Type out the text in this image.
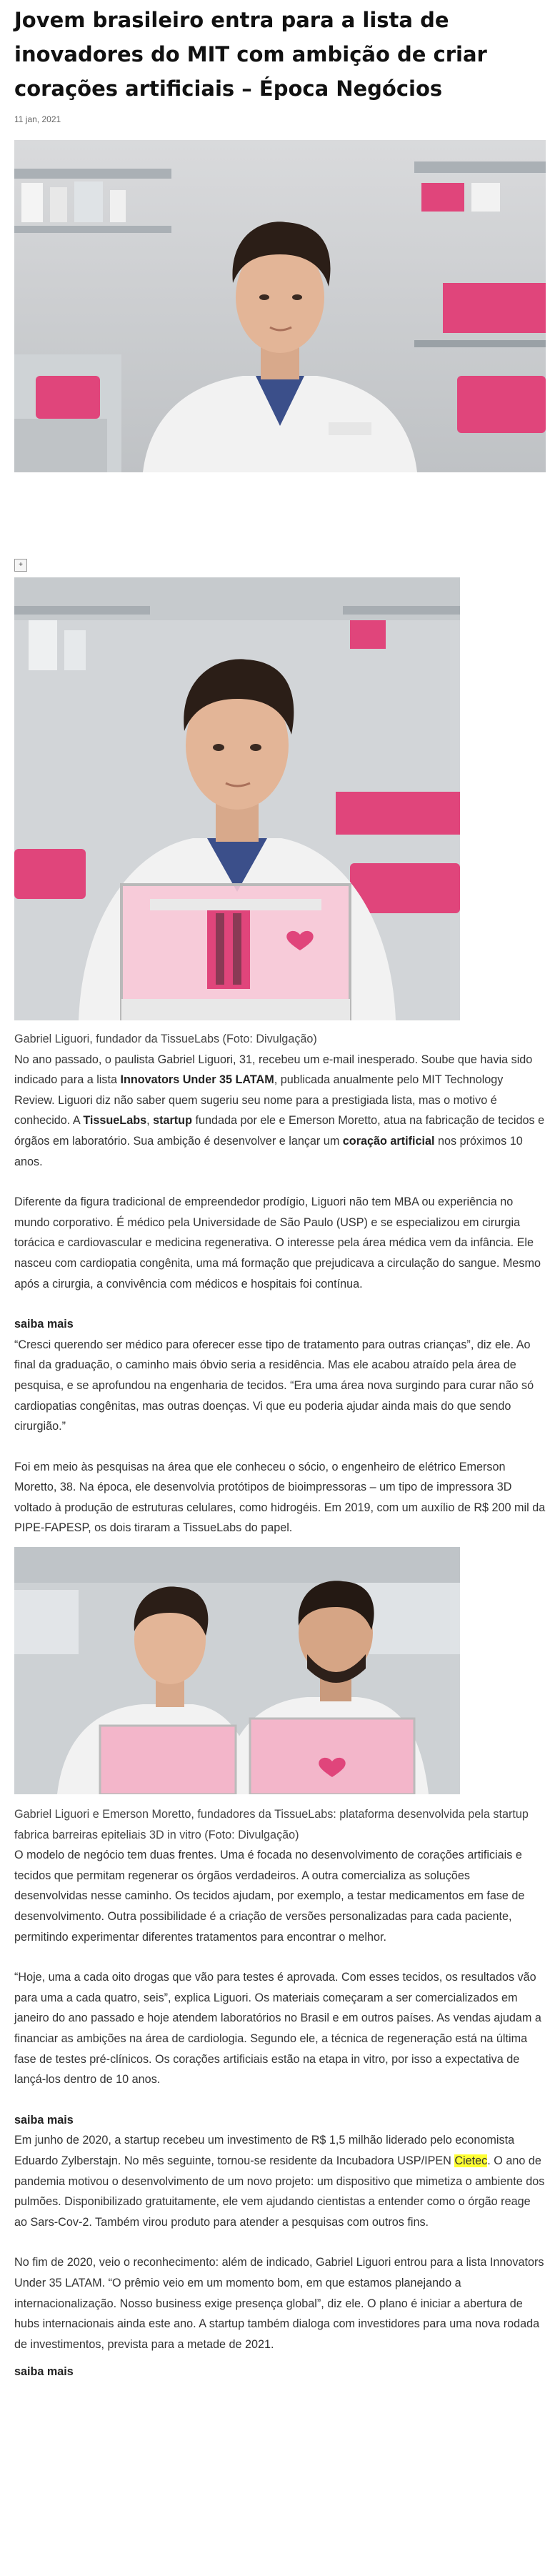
Jovem brasileiro entra para a lista de inovadores do MIT com ambição de criar corações artificiais – Época Negócios
11 jan, 2021
+

Gabriel Liguori, fundador da TissueLabs (Foto: Divulgação)

No ano passado, o paulista Gabriel Liguori, 31, recebeu um e-mail inesperado. Soube que havia sido indicado para a lista Innovators Under 35 LATAM, publicada anualmente pelo MIT Technology Review. Liguori diz não saber quem sugeriu seu nome para a prestigiada lista, mas o motivo é conhecido. A TissueLabs, startup fundada por ele e Emerson Moretto, atua na fabricação de tecidos e órgãos em laboratório. Sua ambição é desenvolver e lançar um coração artificial nos próximos 10 anos.

Diferente da figura tradicional de empreendedor prodígio, Liguori não tem MBA ou experiência no mundo corporativo. É médico pela Universidade de São Paulo (USP) e se especializou em cirurgia torácica e cardiovascular e medicina regenerativa. O interesse pela área médica vem da infância. Ele nasceu com cardiopatia congênita, uma má formação que prejudicava a circulação do sangue. Mesmo após a cirurgia, a convivência com médicos e hospitais foi contínua.

saiba mais

“Cresci querendo ser médico para oferecer esse tipo de tratamento para outras crianças”, diz ele. Ao final da graduação, o caminho mais óbvio seria a residência. Mas ele acabou atraído pela área de pesquisa, e se aprofundou na engenharia de tecidos. “Era uma área nova surgindo para curar não só cardiopatias congênitas, mas outras doenças. Vi que eu poderia ajudar ainda mais do que sendo cirurgião.”

Foi em meio às pesquisas na área que ele conheceu o sócio, o engenheiro de elétrico Emerson Moretto, 38. Na época, ele desenvolvia protótipos de bioimpressoras – um tipo de impressora 3D voltado à produção de estruturas celulares, como hidrogéis. Em 2019, com um auxílio de R$ 200 mil da PIPE-FAPESP, os dois tiraram a TissueLabs do papel.

Gabriel Liguori e Emerson Moretto, fundadores da TissueLabs: plataforma desenvolvida pela startup fabrica barreiras epiteliais 3D in vitro (Foto: Divulgação)

O modelo de negócio tem duas frentes. Uma é focada no desenvolvimento de corações artificiais e tecidos que permitam regenerar os órgãos verdadeiros. A outra comercializa as soluções desenvolvidas nesse caminho. Os tecidos ajudam, por exemplo, a testar medicamentos em fase de desenvolvimento. Outra possibilidade é a criação de versões personalizadas para cada paciente, permitindo experimentar diferentes tratamentos para encontrar o melhor.

“Hoje, uma a cada oito drogas que vão para testes é aprovada. Com esses tecidos, os resultados vão para uma a cada quatro, seis”, explica Liguori. Os materiais começaram a ser comercializados em janeiro do ano passado e hoje atendem laboratórios no Brasil e em outros países. As vendas ajudam a financiar as ambições na área de cardiologia. Segundo ele, a técnica de regeneração está na última fase de testes pré-clínicos. Os corações artificiais estão na etapa in vitro, por isso a expectativa de lançá-los dentro de 10 anos.

saiba mais

Em junho de 2020, a startup recebeu um investimento de R$ 1,5 milhão liderado pelo economista Eduardo Zylberstajn. No mês seguinte, tornou-se residente da Incubadora USP/IPEN Cietec. O ano de pandemia motivou o desenvolvimento de um novo projeto: um dispositivo que mimetiza o ambiente dos pulmões. Disponibilizado gratuitamente, ele vem ajudando cientistas a entender como o órgão reage ao Sars-Cov-2. Também virou produto para atender a pesquisas com outros fins.

No fim de 2020, veio o reconhecimento: além de indicado, Gabriel Liguori entrou para a lista Innovators Under 35 LATAM. “O prêmio veio em um momento bom, em que estamos planejando a internacionalização. Nosso business exige presença global”, diz ele. O plano é iniciar a abertura de hubs internacionais ainda este ano. A startup também dialoga com investidores para uma nova rodada de investimentos, prevista para a metade de 2021.

saiba mais
